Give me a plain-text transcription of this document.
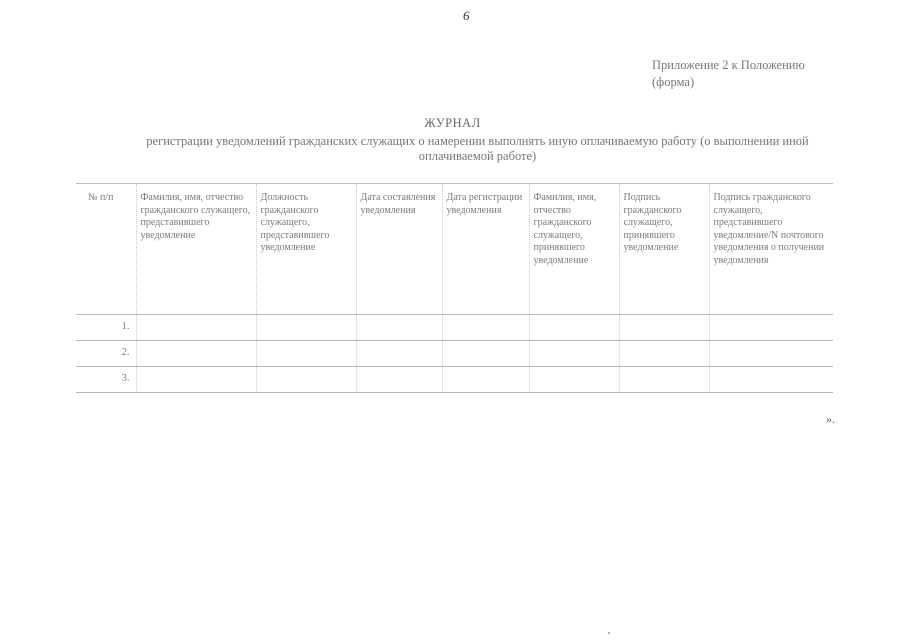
6
Приложение 2 к Положению
(форма)
ЖУРНАЛ
регистрации уведомлений гражданских служащих о намерении выполнять иную оплачиваемую работу (о выполнении иной оплачиваемой работе)
№ п/п	Фамилия, имя, отчество гражданского служащего, представившего уведомление	Должность гражданского служащего, представившего уведомление	Дата составления уведомления	Дата регистрации уведомления	Фамилия, имя, отчество гражданского служащего, принявшего уведомление	Подпись гражданского служащего, принявшего уведомление	Подпись гражданского служащего, представившего уведомление/N почтового уведомления о получении уведомления
1.							
2.							
3.							
».
